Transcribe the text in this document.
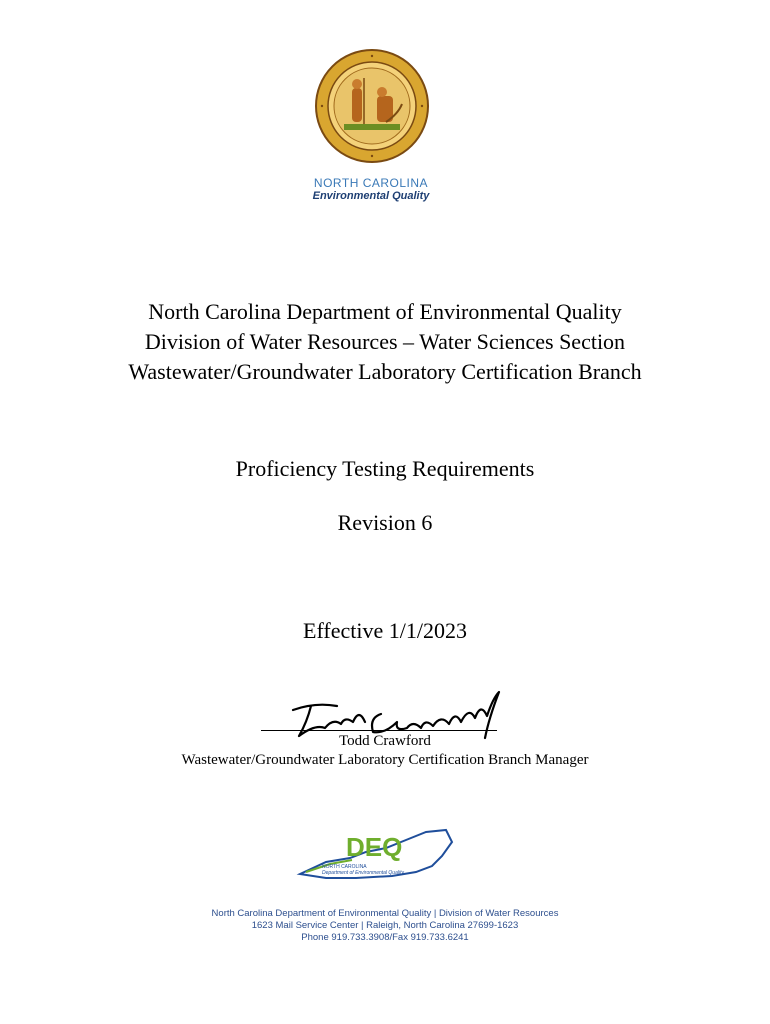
NORTH CAROLINA
Environmental Quality
North Carolina Department of Environmental Quality
Division of Water Resources – Water Sciences Section
Wastewater/Groundwater Laboratory Certification Branch
Proficiency Testing Requirements
Revision 6
Effective 1/1/2023
Todd Crawford
Wastewater/Groundwater Laboratory Certification Branch Manager
DEQ
NORTH CAROLINA
Department of Environmental Quality
North Carolina Department of Environmental Quality | Division of Water Resources
1623 Mail Service Center | Raleigh, North Carolina 27699-1623
Phone 919.733.3908/Fax 919.733.6241
